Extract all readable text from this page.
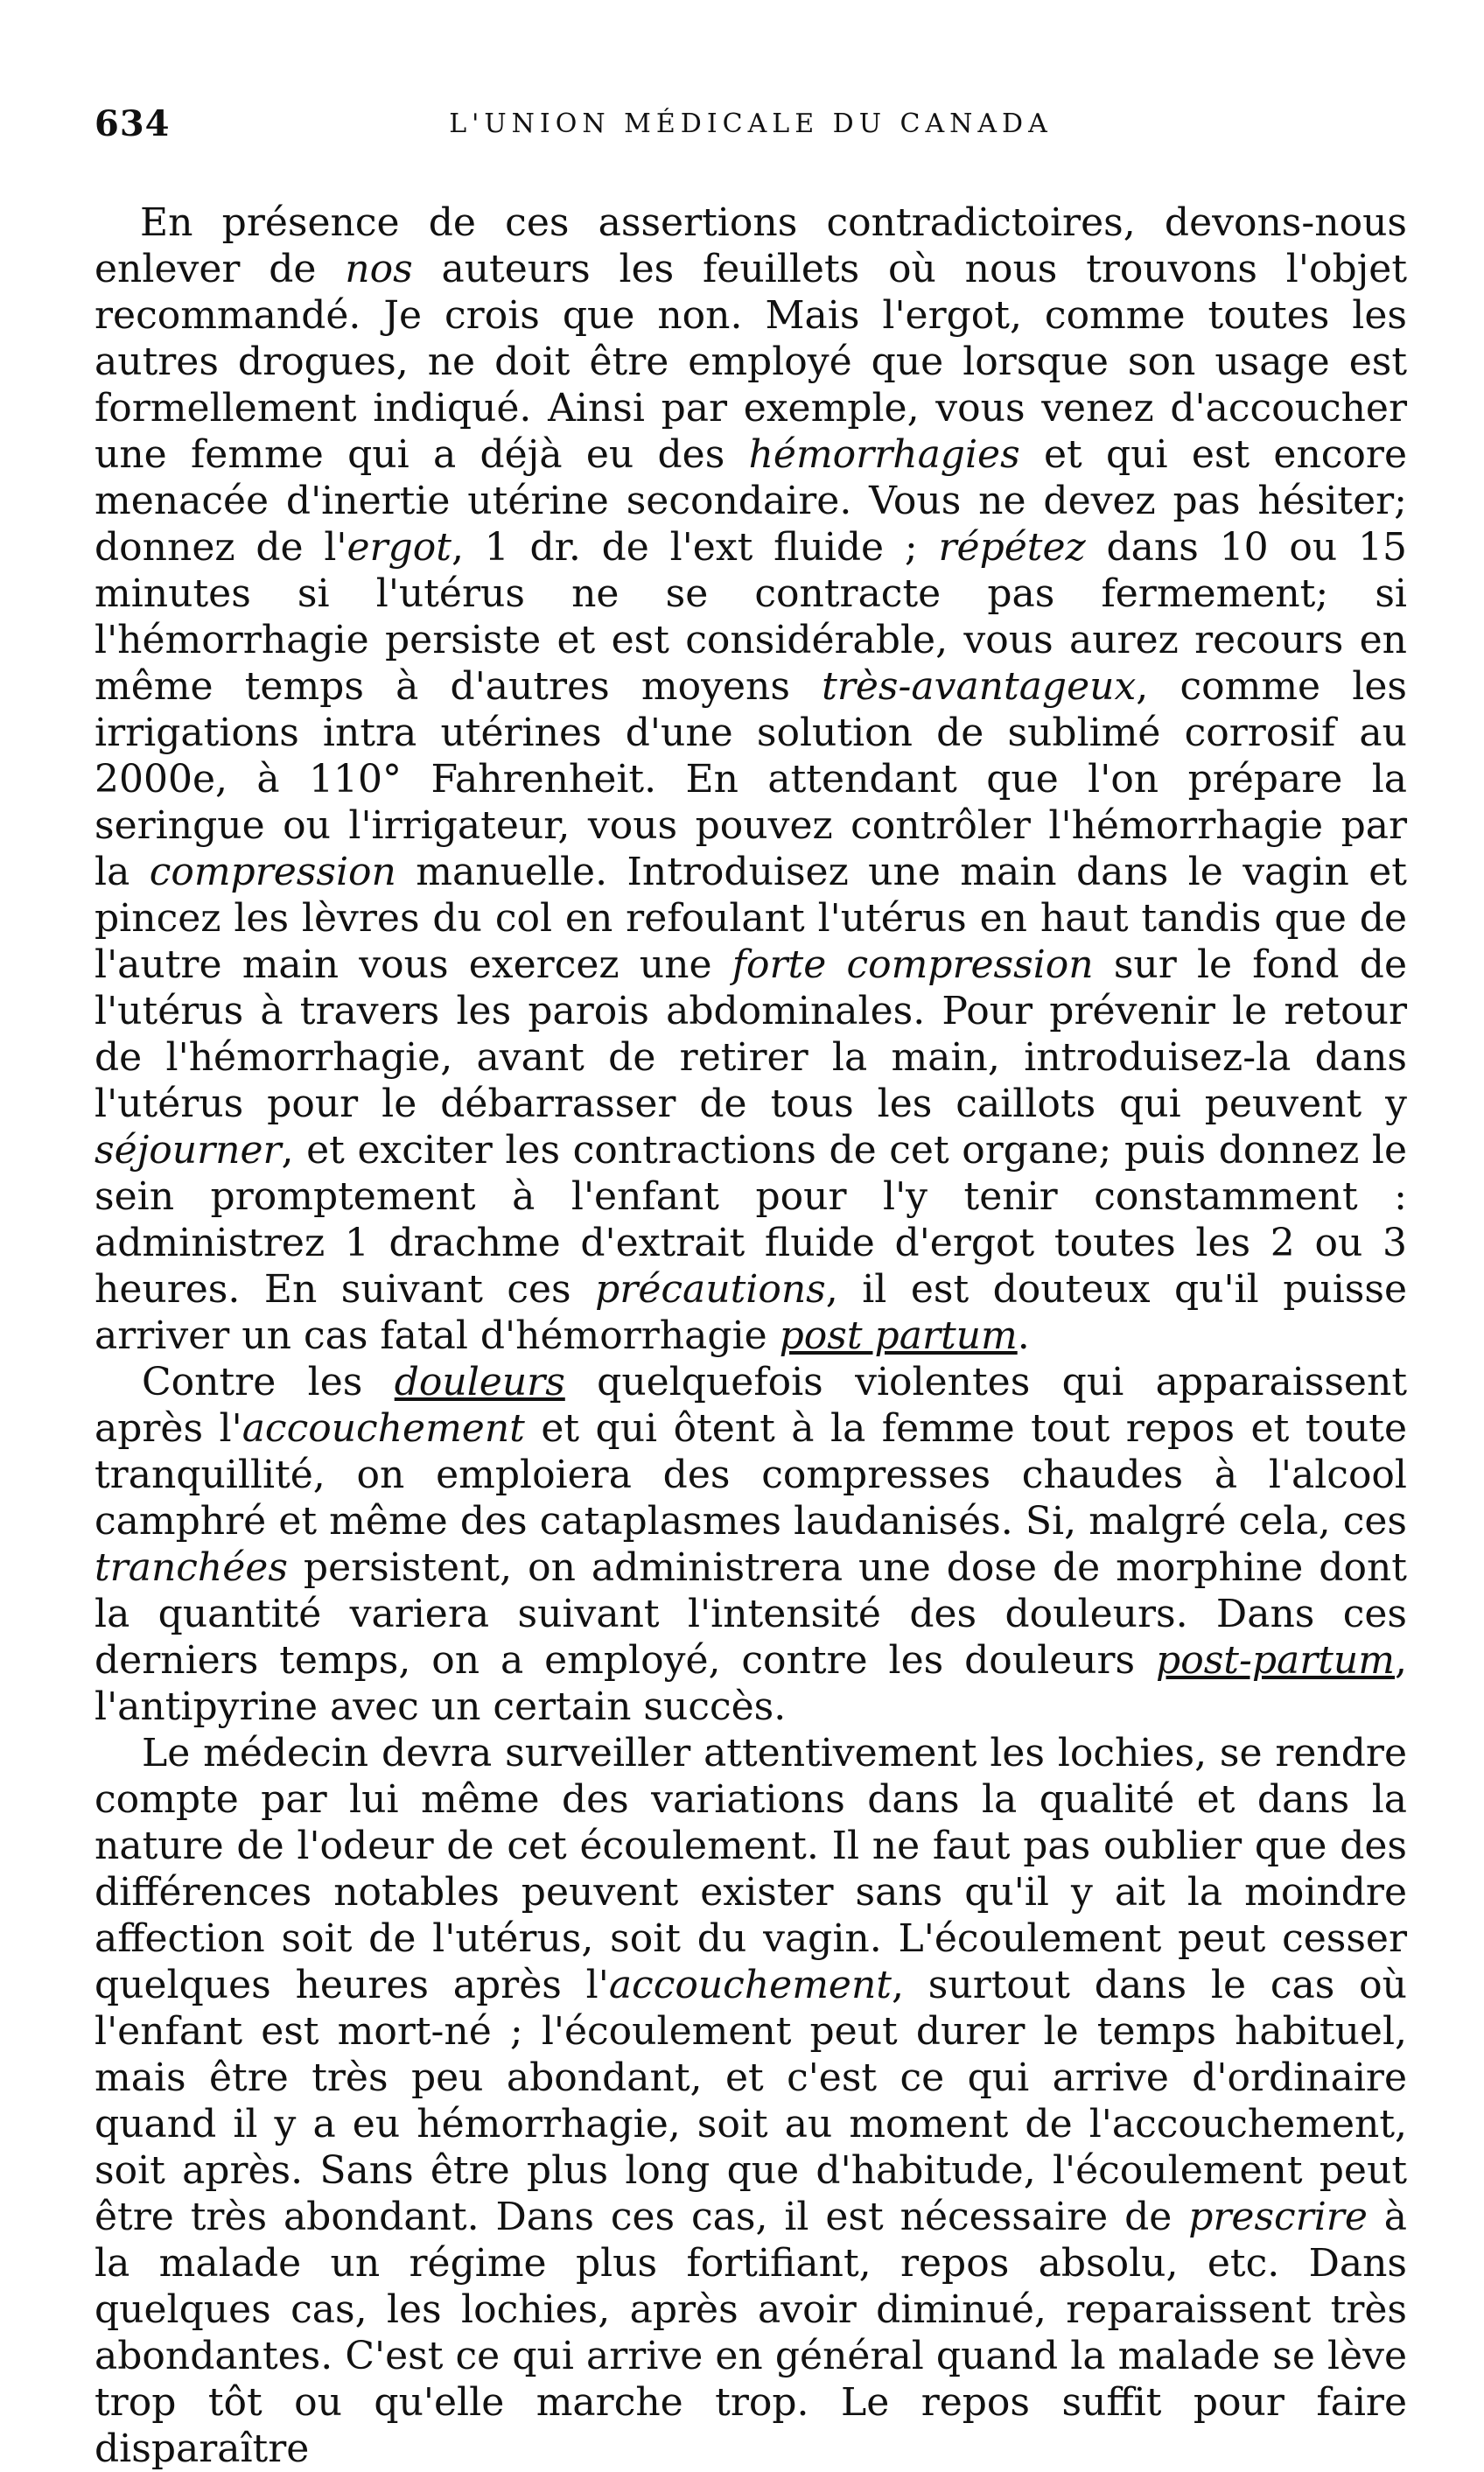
634	L'UNION MÉDICALE DU CANADA

En présence de ces assertions contradictoires, devons-nous enlever de nos auteurs les feuillets où nous trouvons l'objet recommandé. Je crois que non. Mais l'ergot, comme toutes les autres drogues, ne doit être employé que lorsque son usage est formellement indiqué. Ainsi par exemple, vous venez d'accoucher une femme qui a déjà eu des hémorrhagies et qui est encore menacée d'inertie utérine secondaire. Vous ne devez pas hésiter; donnez de l'ergot, 1 dr. de l'ext fluide ; répétez dans 10 ou 15 minutes si l'utérus ne se contracte pas fermement; si l'hémorrhagie persiste et est considérable, vous aurez recours en même temps à d'autres moyens très-avantageux, comme les irrigations intra utérines d'une solution de sublimé corrosif au 2000e, à 110° Fahrenheit. En attendant que l'on prépare la seringue ou l'irrigateur, vous pouvez contrôler l'hémorrhagie par la compression manuelle. Introduisez une main dans le vagin et pincez les lèvres du col en refoulant l'utérus en haut tandis que de l'autre main vous exercez une forte compression sur le fond de l'utérus à travers les parois abdominales. Pour prévenir le retour de l'hémorrhagie, avant de retirer la main, introduisez-la dans l'utérus pour le débarrasser de tous les caillots qui peuvent y séjourner, et exciter les contractions de cet organe; puis donnez le sein promptement à l'enfant pour l'y tenir constamment : administrez 1 drachme d'extrait fluide d'ergot toutes les 2 ou 3 heures. En suivant ces précautions, il est douteux qu'il puisse arriver un cas fatal d'hémorrhagie post partum.

Contre les douleurs quelquefois violentes qui apparaissent après l'accouchement et qui ôtent à la femme tout repos et toute tranquillité, on emploiera des compresses chaudes à l'alcool camphré et même des cataplasmes laudanisés. Si, malgré cela, ces tranchées persistent, on administrera une dose de morphine dont la quantité variera suivant l'intensité des douleurs. Dans ces derniers temps, on a employé, contre les douleurs post-partum, l'antipyrine avec un certain succès.

Le médecin devra surveiller attentivement les lochies, se rendre compte par lui même des variations dans la qualité et dans la nature de l'odeur de cet écoulement. Il ne faut pas oublier que des différences notables peuvent exister sans qu'il y ait la moindre affection soit de l'utérus, soit du vagin. L'écoulement peut cesser quelques heures après l'accouchement, surtout dans le cas où l'enfant est mort-né ; l'écoulement peut durer le temps habituel, mais être très peu abondant, et c'est ce qui arrive d'ordinaire quand il y a eu hémorrhagie, soit au moment de l'accouchement, soit après. Sans être plus long que d'habitude, l'écoulement peut être très abondant. Dans ces cas, il est nécessaire de prescrire à la malade un régime plus fortifiant, repos absolu, etc. Dans quelques cas, les lochies, après avoir diminué, reparaissent très abondantes. C'est ce qui arrive en général quand la malade se lève trop tôt ou qu'elle marche trop. Le repos suffit pour faire disparaître
